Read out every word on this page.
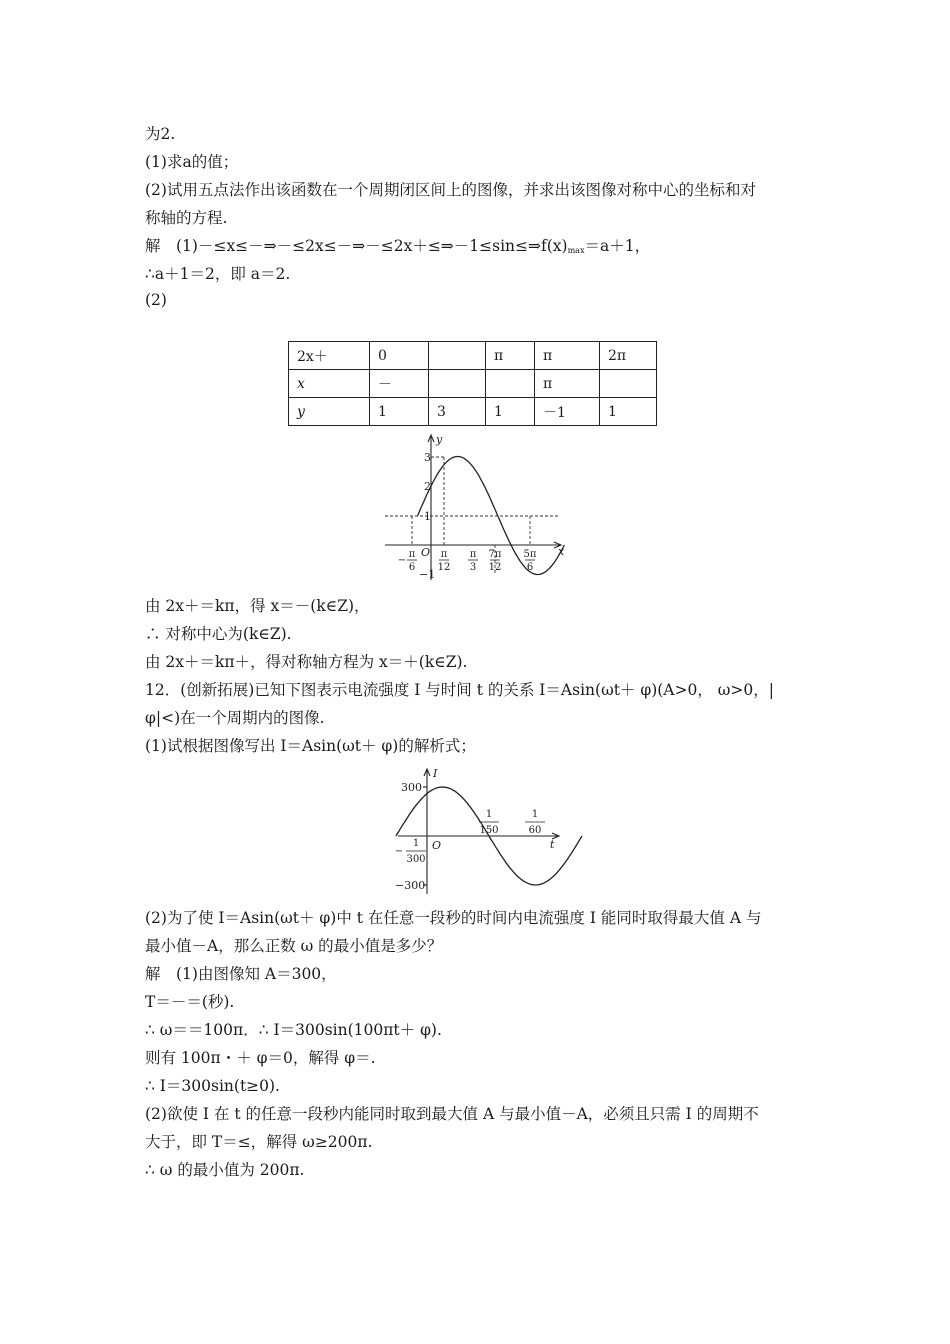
为2.
(1)求a的值；
(2)试用五点法作出该函数在一个周期闭区间上的图像，并求出该图像对称中心的坐标和对
称轴的方程.
解　$(1)-\le x\le-\Rightarrow-\le 2x\le-\Rightarrow-\le 2x+\le\Rightarrow-1\le\sin\le\Rightarrow f(x)_{max}=a+1$，
∴a＋1＝2，即 a＝2.
(2)
2x＋	0		π	π	2π
x	－			π	
y	1	3	1	－1	1
y
x
O
3
2
1
−1
π
6
−
π
12
π
3
7π
12
5π
6
由 2x＋＝kπ，得 x＝－(k∈Z)，
∴ 对称中心为(k∈Z).
由 2x＋＝kπ＋，得对称轴方程为 x＝＋(k∈Z).
12．(创新拓展)已知下图表示电流强度 I 与时间 t 的关系 I＝Asin(ωt＋ φ)(A>0， ω>0，|
φ|<)在一个周期内的图像.
(1)试根据图像写出 I＝Asin(ωt＋ φ)的解析式；
I
t
O
300
−300
1
300
−
1
150
1
60
(2)为了使 I＝Asin(ωt＋ φ)中 t 在任意一段秒的时间内电流强度 I 能同时取得最大值 A 与
最小值－A，那么正数 ω 的最小值是多少？
解　(1)由图像知 A＝300，
T＝－＝(秒).
∴ ω＝＝100π．∴ I＝300sin(100πt＋ φ).
则有 100π・＋ φ＝0，解得 φ＝.
∴ I＝300sin(t≥0).
(2)欲使 I 在 t 的任意一段秒内能同时取到最大值 A 与最小值－A，必须且只需 I 的周期不
大于，即 T＝≤，解得 ω≥200π.
∴ ω 的最小值为 200π.
